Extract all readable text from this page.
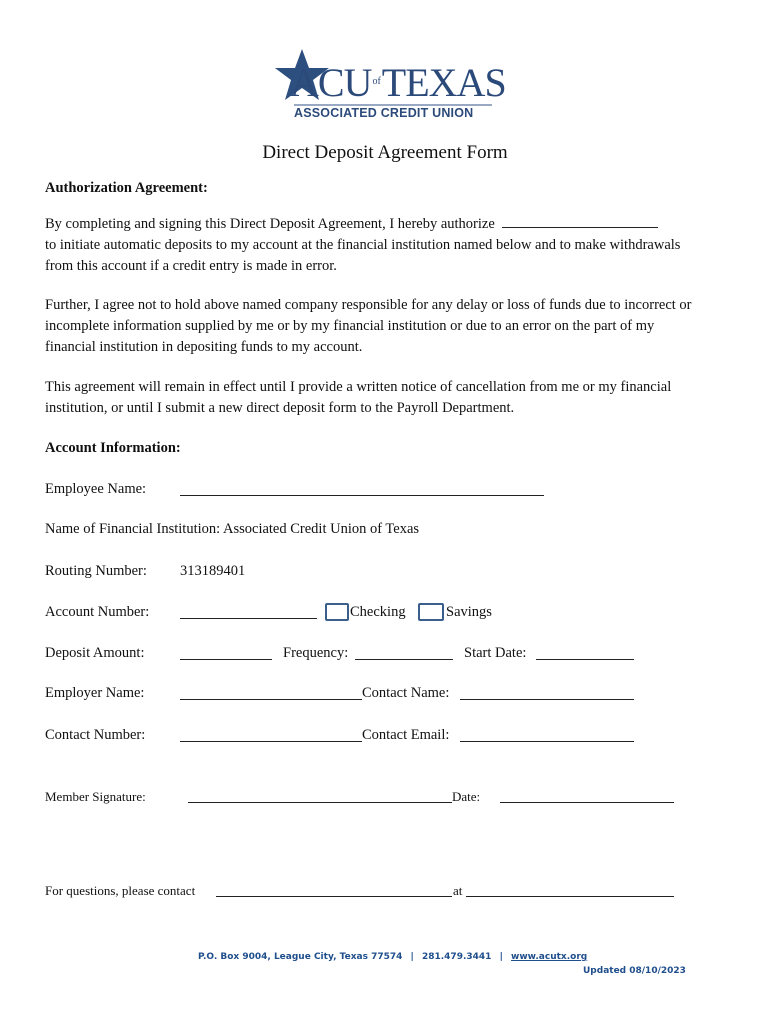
$ACU^{of}TEXAS$
ASSOCIATED CREDIT UNION
Direct Deposit Agreement Form
Authorization Agreement:
By completing and signing this Direct Deposit Agreement, I hereby authorize
to initiate automatic deposits to my account at the financial institution named below and to make withdrawals
from this account if a credit entry is made in error.
Further, I agree not to hold above named company responsible for any delay or loss of funds due to incorrect or
incomplete information supplied by me or by my financial institution or due to an error on the part of my
financial institution in depositing funds to my account.
This agreement will remain in effect until I provide a written notice of cancellation from me or my financial
institution, or until I submit a new direct deposit form to the Payroll Department.
Account Information:
Employee Name:
Name of Financial Institution: Associated Credit Union of Texas
Routing Number: 313189401
Account Number:	Checking	Savings
Deposit Amount:	Frequency:	Start Date:
Employer Name:	Contact Name:
Contact Number:	Contact Email:
Member Signature:	Date:
For questions, please contact	at
P.O. Box 9004, League City, Texas 77574 | 281.479.3441 | www.acutx.org
Updated 08/10/2023
